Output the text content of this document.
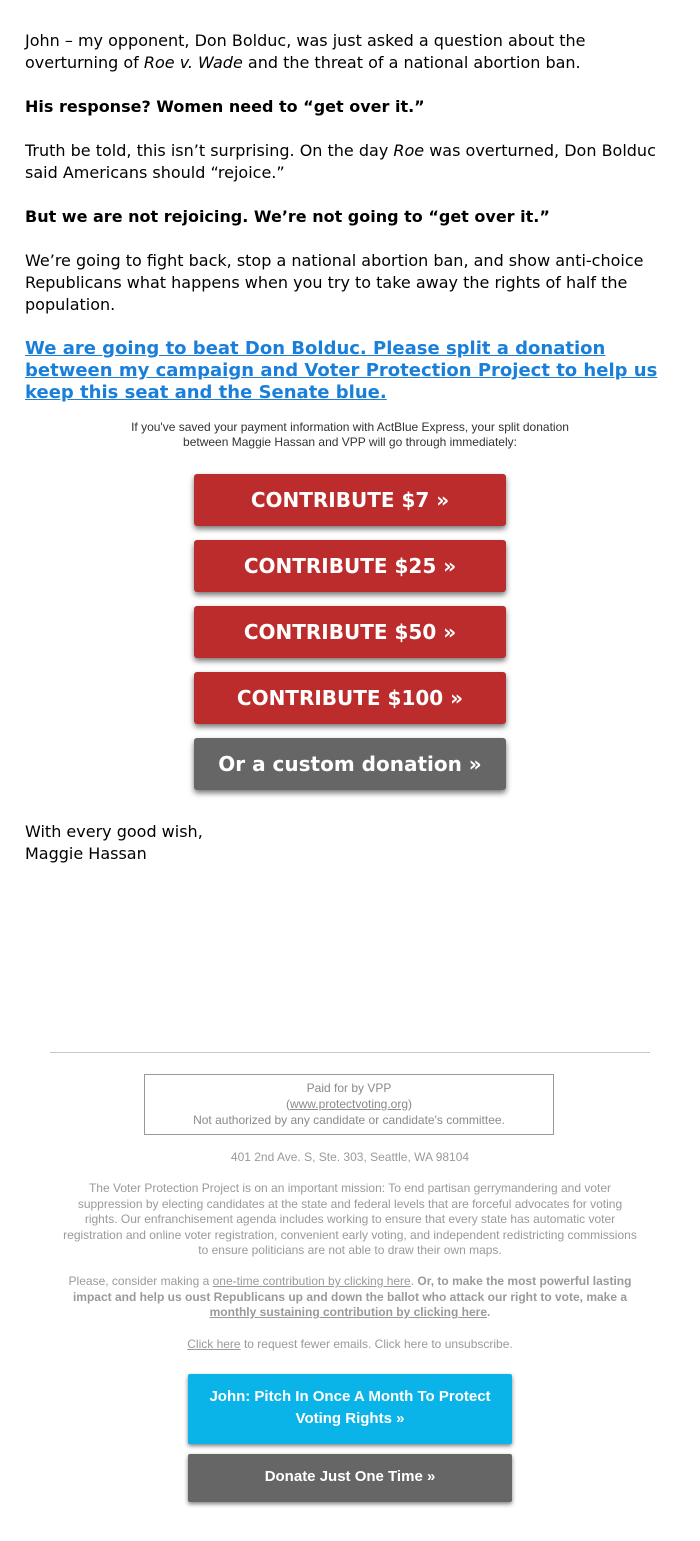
John – my opponent, Don Bolduc, was just asked a question about the overturning of Roe v. Wade and the threat of a national abortion ban.

His response? Women need to “get over it.”

Truth be told, this isn’t surprising. On the day Roe was overturned, Don Bolduc said Americans should “rejoice.”

But we are not rejoicing. We’re not going to “get over it.”
We’re going to fight back, stop a national abortion ban, and show anti-choice Republicans what happens when you try to take away the rights of half the population.
We are going to beat Don Bolduc. Please split a donation between my campaign and Voter Protection Project to help us keep this seat and the Senate blue.
If you've saved your payment information with ActBlue Express, your split donation between Maggie Hassan and VPP will go through immediately:
CONTRIBUTE $7 »
CONTRIBUTE $25 »
CONTRIBUTE $50 »
CONTRIBUTE $100 »
Or a custom donation »
With every good wish,
Maggie Hassan
Paid for by VPP
(www.protectvoting.org)
Not authorized by any candidate or candidate's committee.
401 2nd Ave. S, Ste. 303, Seattle, WA 98104
The Voter Protection Project is on an important mission: To end partisan gerrymandering and voter suppression by electing candidates at the state and federal levels that are forceful advocates for voting rights. Our enfranchisement agenda includes working to ensure that every state has automatic voter registration and online voter registration, convenient early voting, and independent redistricting commissions to ensure politicians are not able to draw their own maps.
Please, consider making a one-time contribution by clicking here. Or, to make the most powerful lasting impact and help us oust Republicans up and down the ballot who attack our right to vote, make a monthly sustaining contribution by clicking here.
Click here to request fewer emails. Click here to unsubscribe.
John: Pitch In Once A Month To Protect Voting Rights »
Donate Just One Time »
